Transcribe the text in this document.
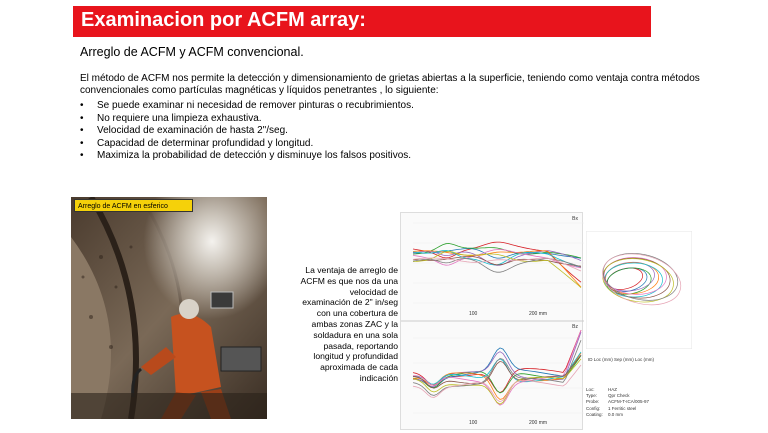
Examinacion por ACFM array:
Arreglo de ACFM y ACFM convencional.
El método de ACFM nos permite la detección y dimensionamiento de grietas abiertas a la superficie, teniendo como ventaja contra métodos convencionales como partículas magnéticas y líquidos penetrantes , lo siguiente:
• Se puede examinar ni necesidad de remover pinturas o recubrimientos.
• No requiere una limpieza exhaustiva.
• Velocidad de examinación de hasta 2"/seg.
• Capacidad de determinar profundidad y longitud.
• Maximiza la probabilidad de detección y disminuye los falsos positivos.
Arreglo de ACFM en esferico
La ventaja de arreglo de ACFM es que nos da una velocidad de examinación de 2" in/seg con una cobertura de ambas zonas ZAC y la soldadura en una sola pasada, reportando longitud y profundidad aproximada de cada indicación
Bx
Bz
100	200 mm
100	200 mm
ID Loc (mm) Sep (mm) Loc (mm)
Loc:	HAZ
Type:	Qpr Check
Probe:	ACFM-T-ICA/005-97
Config:	1 Ferritic steel
Coating: 0.0 mm
